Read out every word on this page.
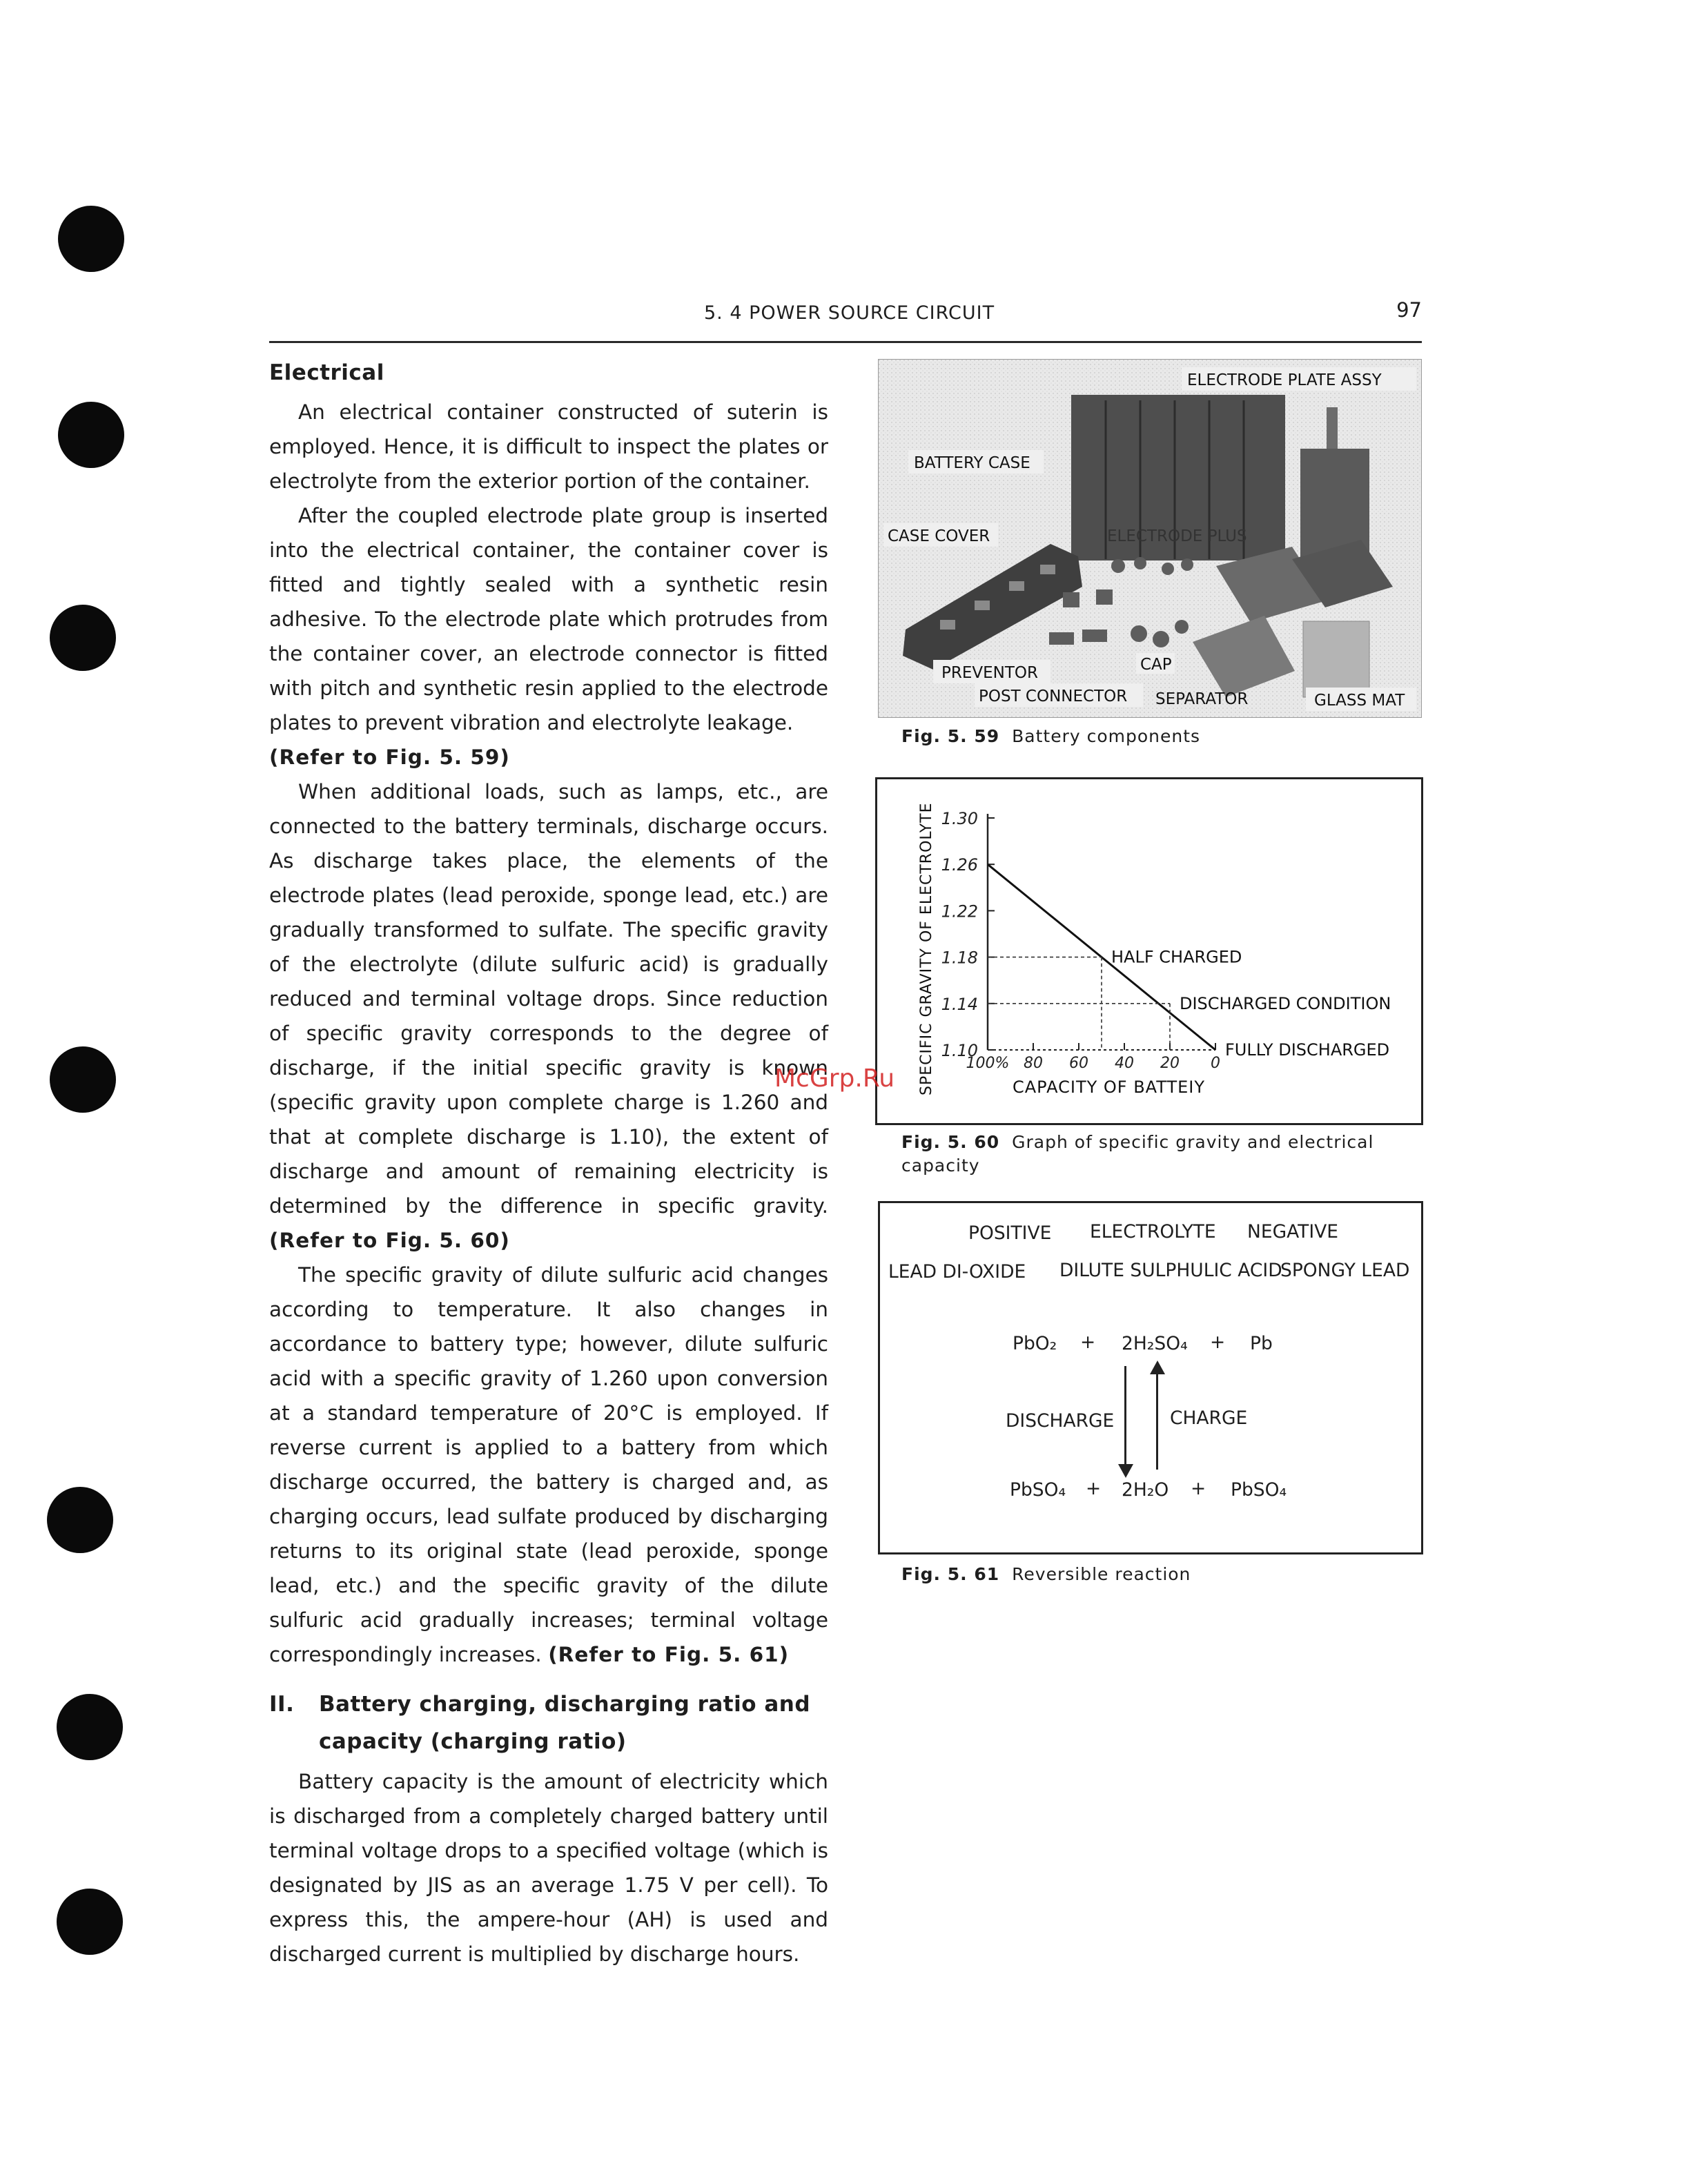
5. 4 POWER SOURCE CIRCUIT	97
Electrical

An electrical container constructed of suterin is employed. Hence, it is difficult to inspect the plates or electrolyte from the exterior portion of the container.

After the coupled electrode plate group is inserted into the electrical container, the container cover is fitted and tightly sealed with a synthetic resin adhesive. To the electrode plate which protrudes from the container cover, an electrode connector is fitted with pitch and synthetic resin applied to the electrode plates to prevent vibration and electrolyte leakage.
(Refer to Fig. 5. 59)

When additional loads, such as lamps, etc., are connected to the battery terminals, discharge occurs. As discharge takes place, the elements of the electrode plates (lead peroxide, sponge lead, etc.) are gradually transformed to sulfate. The specific gravity of the electrolyte (dilute sulfuric acid) is gradually reduced and terminal voltage drops. Since reduction of specific gravity corresponds to the degree of discharge, if the initial specific gravity is known (specific gravity upon complete charge is 1.260 and that at complete discharge is 1.10), the extent of discharge and amount of remaining electricity is determined by the difference in specific gravity. (Refer to Fig. 5. 60)

The specific gravity of dilute sulfuric acid changes according to temperature. It also changes in accordance to battery type; however, dilute sulfuric acid with a specific gravity of 1.260 upon conversion at a standard temperature of 20°C is employed. If reverse current is applied to a battery from which discharge occurred, the battery is charged and, as charging occurs, lead sulfate produced by discharging returns to its original state (lead peroxide, sponge lead, etc.) and the specific gravity of the dilute sulfuric acid gradually increases; terminal voltage correspondingly increases. (Refer to Fig. 5. 61)

II. Battery charging, discharging ratio and capacity (charging ratio)

Battery capacity is the amount of electricity which is discharged from a completely charged battery until terminal voltage drops to a specified voltage (which is designated by JIS as an average 1.75 V per cell). To express this, the ampere-hour (AH) is used and discharged current is multiplied by discharge hours.

ELECTRODE PLATE ASSY
BATTERY CASE
CASE COVER	ELECTRODE PLUS
PREVENTOR	CAP
POST CONNECTOR SEPARATOR	GLASS MAT
Fig. 5. 59 Battery components
1.30
1.26
1.22
1.18
1.14
1.10
100% 80 60 40 20 0
HALF CHARGED
DISCHARGED CONDITION
FULLY DISCHARGED
CAPACITY OF BATTEIY
SPECIFIC GRAVITY OF ELECTROLYTE
Fig. 5. 60 Graph of specific gravity and electrical capacity
POSITIVE ELECTROLYTE NEGATIVE
LEAD DI-OXIDE DILUTE SULPHULIC ACID
SPONGY LEAD
PbO₂ + 2H₂SO₄ + Pb
DISCHARGE	CHARGE
PbSO₄ + 2H₂O + PbSO₄
Fig. 5. 61 Reversible reaction
McGrp.Ru
